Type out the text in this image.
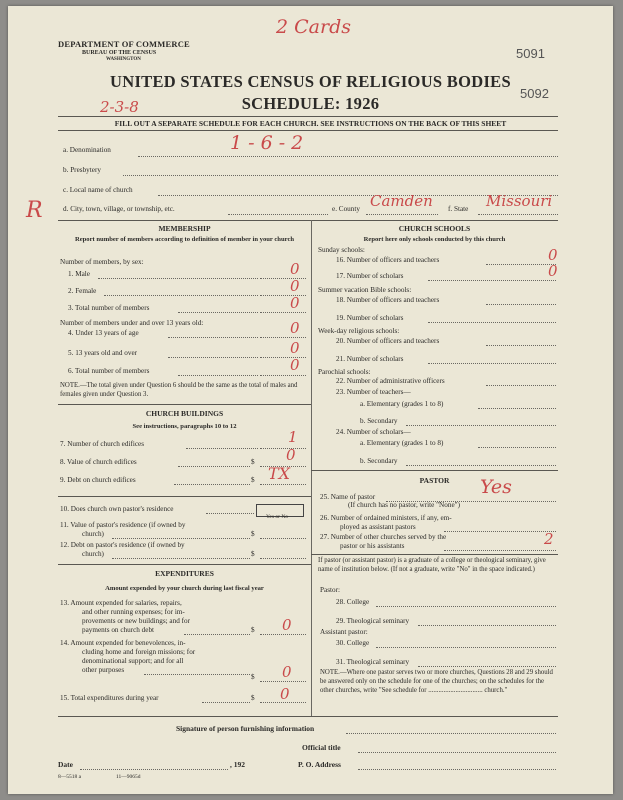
DEPARTMENT OF COMMERCE
BUREAU OF THE CENSUS
WASHINGTON
2 Cards
5091
5092
UNITED STATES CENSUS OF RELIGIOUS BODIES
SCHEDULE: 1926
2-3-8
FILL OUT A SEPARATE SCHEDULE FOR EACH CHURCH. SEE INSTRUCTIONS ON THE BACK OF THIS SHEET
a. Denomination	1 - 6 - 2
b. Presbytery
c. Local name of church
R	d. City, town, village, or township, etc.	e. County Camden f. State Missouri
MEMBERSHIP
Report number of members according to definition of member in your church
Number of members, by sex:
1. Male	0
2. Female	0
3. Total number of members	0
Number of members under and over 13 years old:
4. Under 13 years of age	0
5. 13 years old and over	0
6. Total number of members	0
NOTE.—The total given under Question 6 should be the same as the total of males and females given under Question 3.
CHURCH BUILDINGS
See instructions, paragraphs 10 to 12
7. Number of church edifices	1
8. Value of church edifices	$ 0
9. Debt on church edifices	$ TX
10. Does church own pastor's residence
Yes or No
11. Value of pastor's residence (if owned by
church)	$
12. Debt on pastor's residence (if owned by
church)	$
EXPENDITURES
Amount expended by your church during last fiscal year
13. Amount expended for salaries, repairs,
and other running expenses; for im-
provements or new buildings; and for
payments on church debt	$ 0
14. Amount expended for benevolences, in-
cluding home and foreign missions; for
denominational support; and for all
other purposes
$ 0
15. Total expenditures during year	$ 0
CHURCH SCHOOLS
Report here only schools conducted by this church
Sunday schools:
16. Number of officers and teachers	0
17. Number of scholars	0
Summer vacation Bible schools:
18. Number of officers and teachers
19. Number of scholars
Week-day religious schools:
20. Number of officers and teachers
21. Number of scholars
Parochial schools:
22. Number of administrative officers
23. Number of teachers—
a. Elementary (grades 1 to 8)
b. Secondary
24. Number of scholars—
a. Elementary (grades 1 to 8)
b. Secondary
PASTOR
25. Name of pastor	Yes
(If church has no pastor, write "None")
26. Number of ordained ministers, if any, em-
ployed as assistant pastors
27. Number of other churches served by the
pastor or his assistants	2
If pastor (or assistant pastor) is a graduate of a college or theological seminary, give name of institution below. (If not a graduate, write "No" in the space indicated.)
Pastor:
28. College
29. Theological seminary
Assistant pastor:
30. College
31. Theological seminary
NOTE.—Where one pastor serves two or more churches, Questions 28 and 29 should be answered only on the schedule for one of the churches; on the schedules for the other churches, write "See schedule for ................................ church."
Signature of person furnishing information
Official title
Date	, 192	P. O. Address
8—5518 a	11—9065d
